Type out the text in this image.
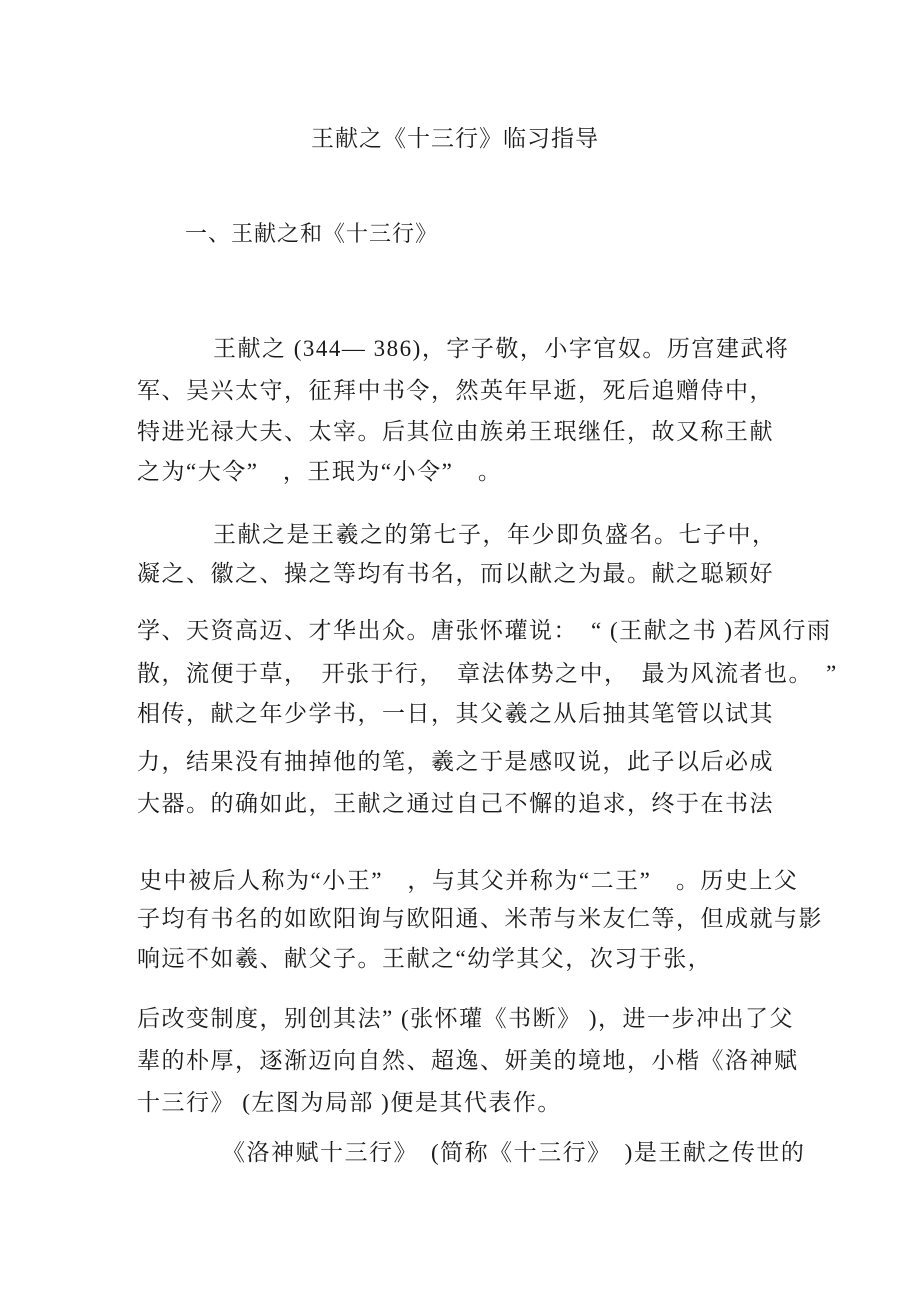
王献之《十三行》临习指导
一、王献之和《十三行》
王献之 (344— 386)，字子敬，小字官奴。历宫建武将
军、吴兴太守，征拜中书令，然英年早逝，死后追赠侍中，
特进光禄大夫、太宰。后其位由族弟王珉继任，故又称王献
之为“大令”　，王珉为“小令”　。
王献之是王羲之的第七子，年少即负盛名。七子中，
凝之、徽之、操之等均有书名，而以献之为最。献之聪颖好
学、天资高迈、才华出众。唐张怀瓘说：　“ (王献之书 )若风行雨
散，流便于草，　开张于行，　章法体势之中，　最为风流者也。　”
相传，献之年少学书，一日，其父羲之从后抽其笔管以试其
力，结果没有抽掉他的笔，羲之于是感叹说，此子以后必成
大器。的确如此，王献之通过自己不懈的追求，终于在书法
史中被后人称为“小王”　，与其父并称为“二王”　。历史上父
子均有书名的如欧阳询与欧阳通、米芾与米友仁等，但成就与影
响远不如羲、献父子。王献之“幼学其父，次习于张，
后改变制度，别创其法” (张怀瓘《书断》 )，进一步冲出了父
辈的朴厚，逐渐迈向自然、超逸、妍美的境地，小楷《洛神赋
十三行》 (左图为局部 )便是其代表作。
《洛神赋十三行》　(简称《十三行》　)是王献之传世的
